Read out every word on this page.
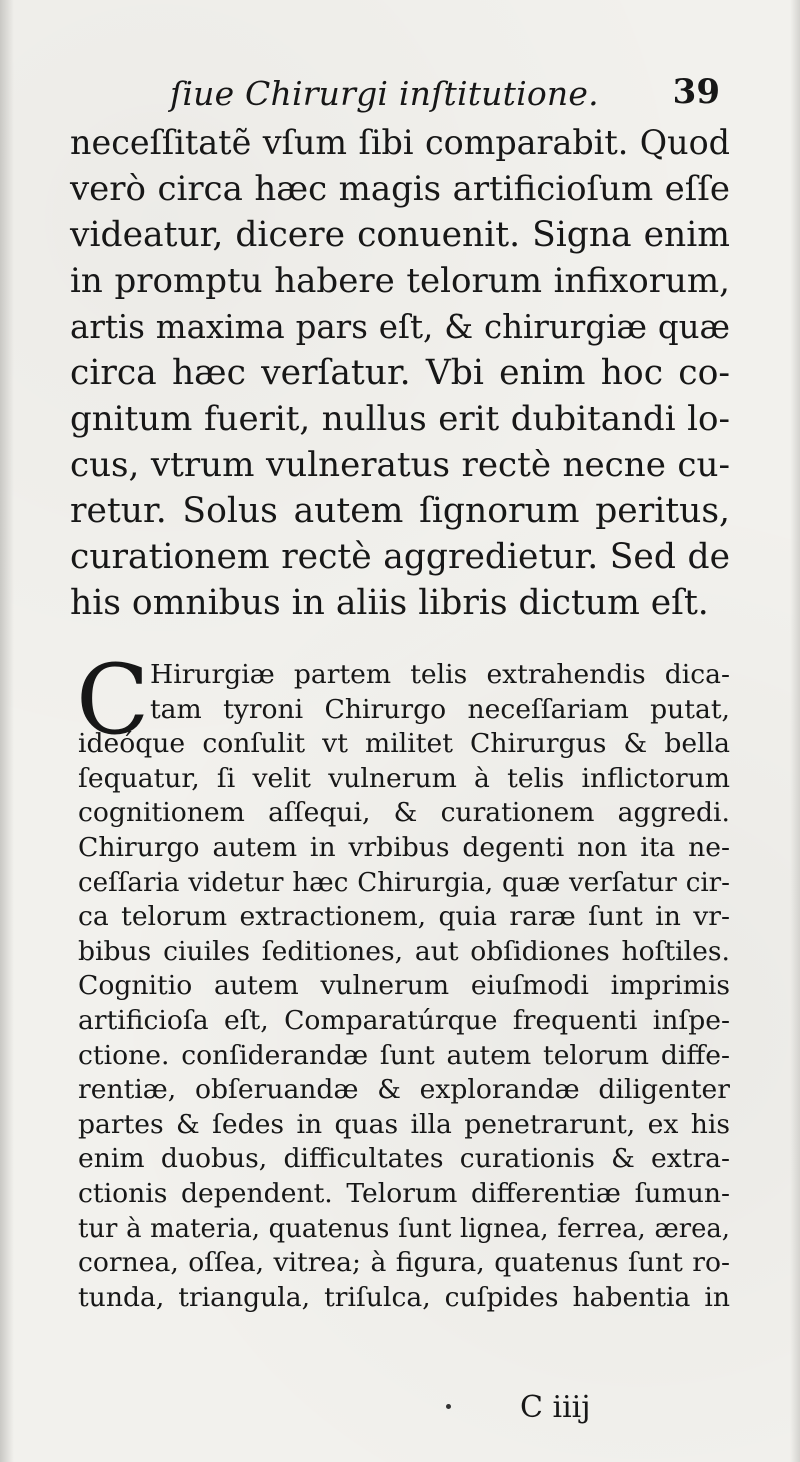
ſiue Chirurgi inſtitutione. 39

neceſſitatẽ vſum ſibi comparabit. Quod
verò circa hæc magis artificioſum eſſe
videatur, dicere conuenit. Signa enim
in promptu habere telorum infixorum,
artis maxima pars eſt, & chirurgiæ quæ
circa hæc verſatur. Vbi enim hoc co-
gnitum fuerit, nullus erit dubitandi lo-
cus, vtrum vulneratus rectè necne cu-
retur. Solus autem ſignorum peritus,
curationem rectè aggredietur. Sed de
his omnibus in aliis libris dictum eſt.

C Hirurgiæ partem telis extrahendis dica-
tam tyroni Chirurgo neceſſariam putat,
ideóque conſulit vt militet Chirurgus & bella
ſequatur, ſi velit vulnerum à telis inflictorum
cognitionem aſſequi, & curationem aggredi.
Chirurgo autem in vrbibus degenti non ita ne-
ceſſaria videtur hæc Chirurgia, quæ verſatur cir-
ca telorum extractionem, quia raræ ſunt in vr-
bibus ciuiles ſeditiones, aut obſidiones hoſtiles.
Cognitio autem vulnerum eiuſmodi imprimis
artificioſa eſt, Comparatúrque frequenti inſpe-
ctione. conſiderandæ ſunt autem telorum diffe-
rentiæ, obſeruandæ & explorandæ diligenter
partes & ſedes in quas illa penetrarunt, ex his
enim duobus, difficultates curationis & extra-
ctionis dependent. Telorum differentiæ ſumun-
tur à materia, quatenus ſunt lignea, ferrea, ærea,
cornea, oſſea, vitrea; à figura, quatenus ſunt ro-
tunda, triangula, triſulca, cuſpides habentia in

C iiij
